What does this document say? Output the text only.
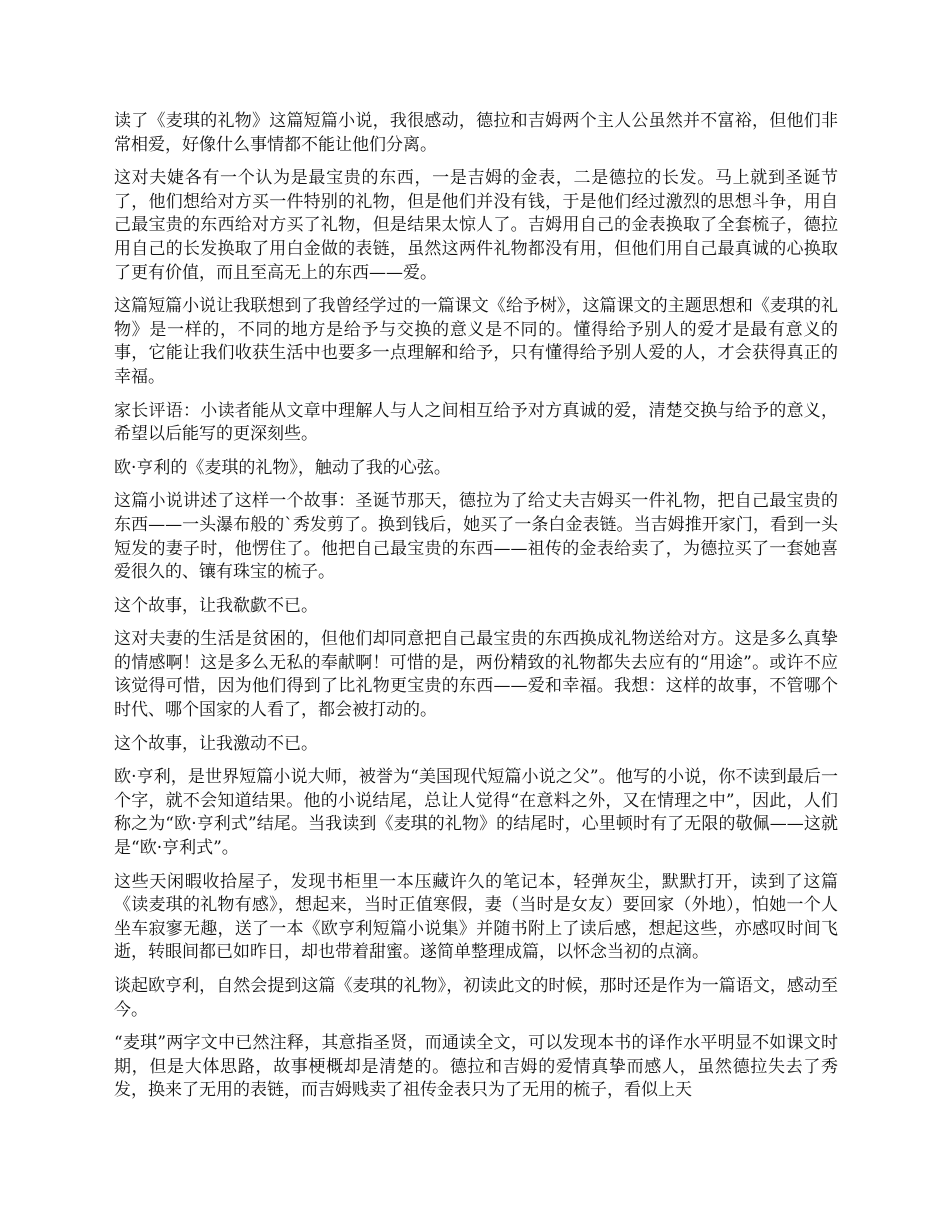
读了《麦琪的礼物》这篇短篇小说，我很感动，德拉和吉姆两个主人公虽然并不富裕，但他们非常相爱，好像什么事情都不能让他们分离。

这对夫婕各有一个认为是最宝贵的东西，一是吉姆的金表，二是德拉的长发。马上就到圣诞节了，他们想给对方买一件特别的礼物，但是他们并没有钱，于是他们经过激烈的思想斗争，用自己最宝贵的东西给对方买了礼物，但是结果太惊人了。吉姆用自己的金表换取了全套梳子，德拉用自己的长发换取了用白金做的表链，虽然这两件礼物都没有用，但他们用自己最真诚的心换取了更有价值，而且至高无上的东西——爱。

这篇短篇小说让我联想到了我曾经学过的一篇课文《给予树》，这篇课文的主题思想和《麦琪的礼物》是一样的，不同的地方是给予与交换的意义是不同的。懂得给予别人的爱才是最有意义的事，它能让我们收获生活中也要多一点理解和给予，只有懂得给予别人爱的人，才会获得真正的幸福。

家长评语：小读者能从文章中理解人与人之间相互给予对方真诚的爱，清楚交换与给予的意义，希望以后能写的更深刻些。

欧·亨利的《麦琪的礼物》，触动了我的心弦。

这篇小说讲述了这样一个故事：圣诞节那天，德拉为了给丈夫吉姆买一件礼物，把自己最宝贵的东西——一头瀑布般的`秀发剪了。换到钱后，她买了一条白金表链。当吉姆推开家门，看到一头短发的妻子时，他愣住了。他把自己最宝贵的东西——祖传的金表给卖了，为德拉买了一套她喜爱很久的、镶有珠宝的梳子。

这个故事，让我欷歔不已。

这对夫妻的生活是贫困的，但他们却同意把自己最宝贵的东西换成礼物送给对方。这是多么真挚的情感啊！这是多么无私的奉献啊！可惜的是，两份精致的礼物都失去应有的“用途”。或许不应该觉得可惜，因为他们得到了比礼物更宝贵的东西——爱和幸福。我想：这样的故事，不管哪个时代、哪个国家的人看了，都会被打动的。

这个故事，让我激动不已。

欧·亨利，是世界短篇小说大师，被誉为“美国现代短篇小说之父”。他写的小说，你不读到最后一个字，就不会知道结果。他的小说结尾，总让人觉得“在意料之外，又在情理之中”，因此，人们称之为“欧·亨利式”结尾。当我读到《麦琪的礼物》的结尾时，心里顿时有了无限的敬佩——这就是“欧·亨利式”。

这些天闲暇收拾屋子，发现书柜里一本压藏许久的笔记本，轻弹灰尘，默默打开，读到了这篇《读麦琪的礼物有感》，想起来，当时正值寒假，妻（当时是女友）要回家（外地），怕她一个人坐车寂寥无趣，送了一本《欧亨利短篇小说集》并随书附上了读后感，想起这些，亦感叹时间飞逝，转眼间都已如昨日，却也带着甜蜜。遂简单整理成篇，以怀念当初的点滴。

谈起欧亨利，自然会提到这篇《麦琪的礼物》，初读此文的时候，那时还是作为一篇语文，感动至今。

“麦琪”两字文中已然注释，其意指圣贤，而通读全文，可以发现本书的译作水平明显不如课文时期，但是大体思路，故事梗概却是清楚的。德拉和吉姆的爱情真挚而感人，虽然德拉失去了秀发，换来了无用的表链，而吉姆贱卖了祖传金表只为了无用的梳子，看似上天
